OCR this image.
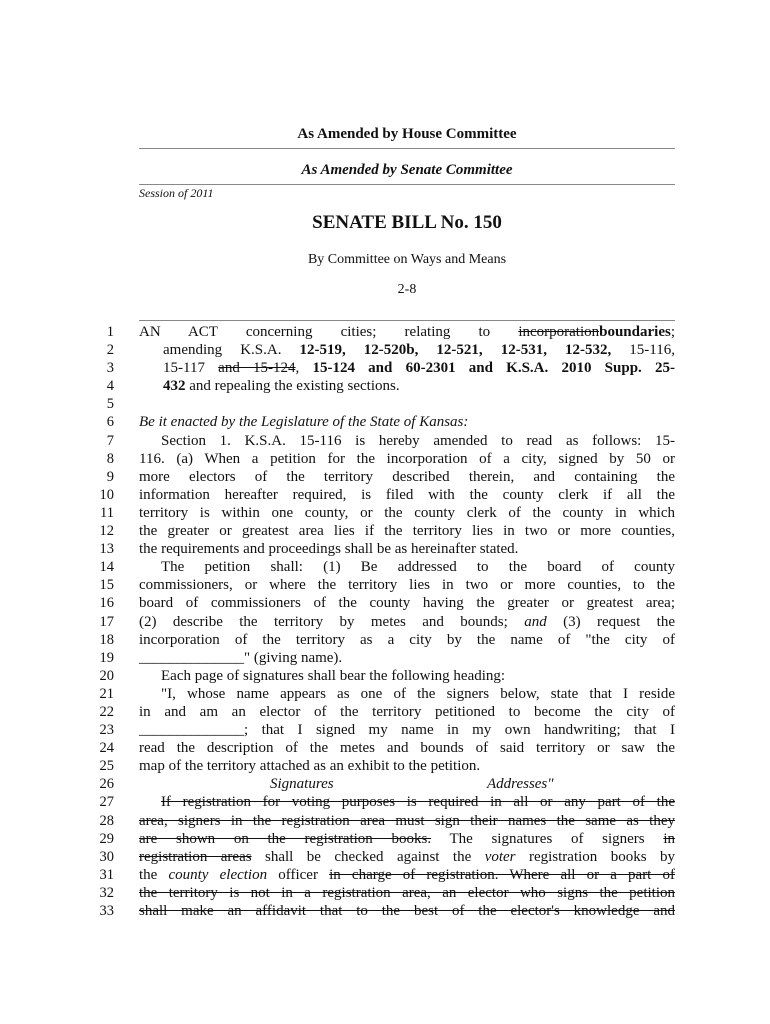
As Amended by House Committee
As Amended by Senate Committee
Session of 2011
SENATE BILL No. 150
By Committee on Ways and Means
2-8
1
2
3
4
5
6
7
8
9
10
11
12
13
14
15
16
17
18
19
20
21
22
23
24
25
26
27
28
29
30
31
32
33
AN ACT concerning cities; relating to incorporationboundaries;
amending K.S.A. 12-519, 12-520b, 12-521, 12-531, 12-532, 15-116,
15-117 and 15-124, 15-124 and 60-2301 and K.S.A. 2010 Supp. 25-
432 and repealing the existing sections.
Be it enacted by the Legislature of the State of Kansas:
Section 1. K.S.A. 15-116 is hereby amended to read as follows: 15-
116. (a) When a petition for the incorporation of a city, signed by 50 or
more electors of the territory described therein, and containing the
information hereafter required, is filed with the county clerk if all the
territory is within one county, or the county clerk of the county in which
the greater or greatest area lies if the territory lies in two or more counties,
the requirements and proceedings shall be as hereinafter stated.
The petition shall: (1) Be addressed to the board of county
commissioners, or where the territory lies in two or more counties, to the
board of commissioners of the county having the greater or greatest area;
(2) describe the territory by metes and bounds; and (3) request the
incorporation of the territory as a city by the name of "the city of
______________" (giving name).
Each page of signatures shall bear the following heading:
"I, whose name appears as one of the signers below, state that I reside
in and am an elector of the territory petitioned to become the city of
______________; that I signed my name in my own handwriting; that I
read the description of the metes and bounds of said territory or saw the
map of the territory attached as an exhibit to the petition.
Signatures	Addresses"
If registration for voting purposes is required in all or any part of the
area, signers in the registration area must sign their names the same as they
are shown on the registration books. The signatures of signers in
registration areas shall be checked against the voter registration books by
the county election officer in charge of registration. Where all or a part of
the territory is not in a registration area, an elector who signs the petition
shall make an affidavit that to the best of the elector's knowledge and
